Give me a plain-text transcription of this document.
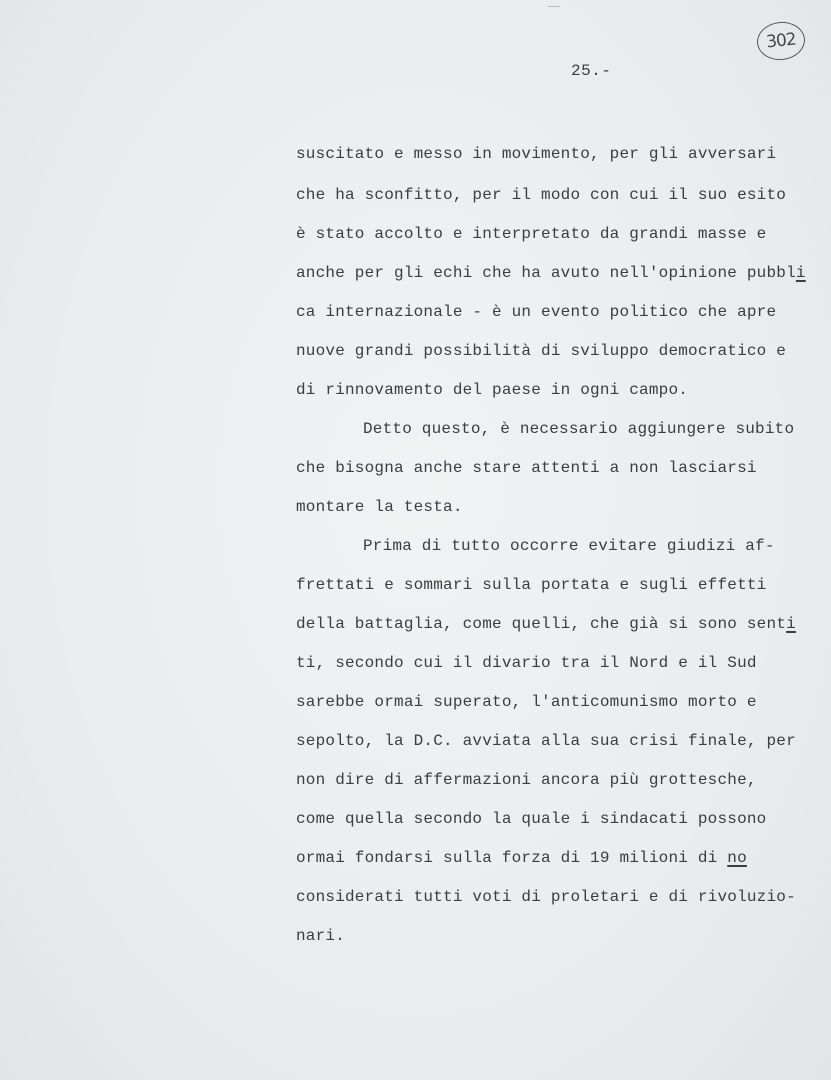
302
25.-
suscitato e messo in movimento, per gli avversari
che ha sconfitto, per il modo con cui il suo esito
è stato accolto e interpretato da grandi masse e
anche per gli echi che ha avuto nell'opinione pubbli
ca internazionale - è un evento politico che apre
nuove grandi possibilità di sviluppo democratico e
di rinnovamento del paese in ogni campo.
Detto questo, è necessario aggiungere subito
che bisogna anche stare attenti a non lasciarsi
montare la testa.
Prima di tutto occorre evitare giudizi af-
frettati e sommari sulla portata e sugli effetti
della battaglia, come quelli, che già si sono senti
ti, secondo cui il divario tra il Nord e il Sud
sarebbe ormai superato, l'anticomunismo morto e
sepolto, la D.C. avviata alla sua crisi finale, per
non dire di affermazioni ancora più grottesche,
come quella secondo la quale i sindacati possono
ormai fondarsi sulla forza di 19 milioni di no
considerati tutti voti di proletari e di rivoluzio-
nari.
